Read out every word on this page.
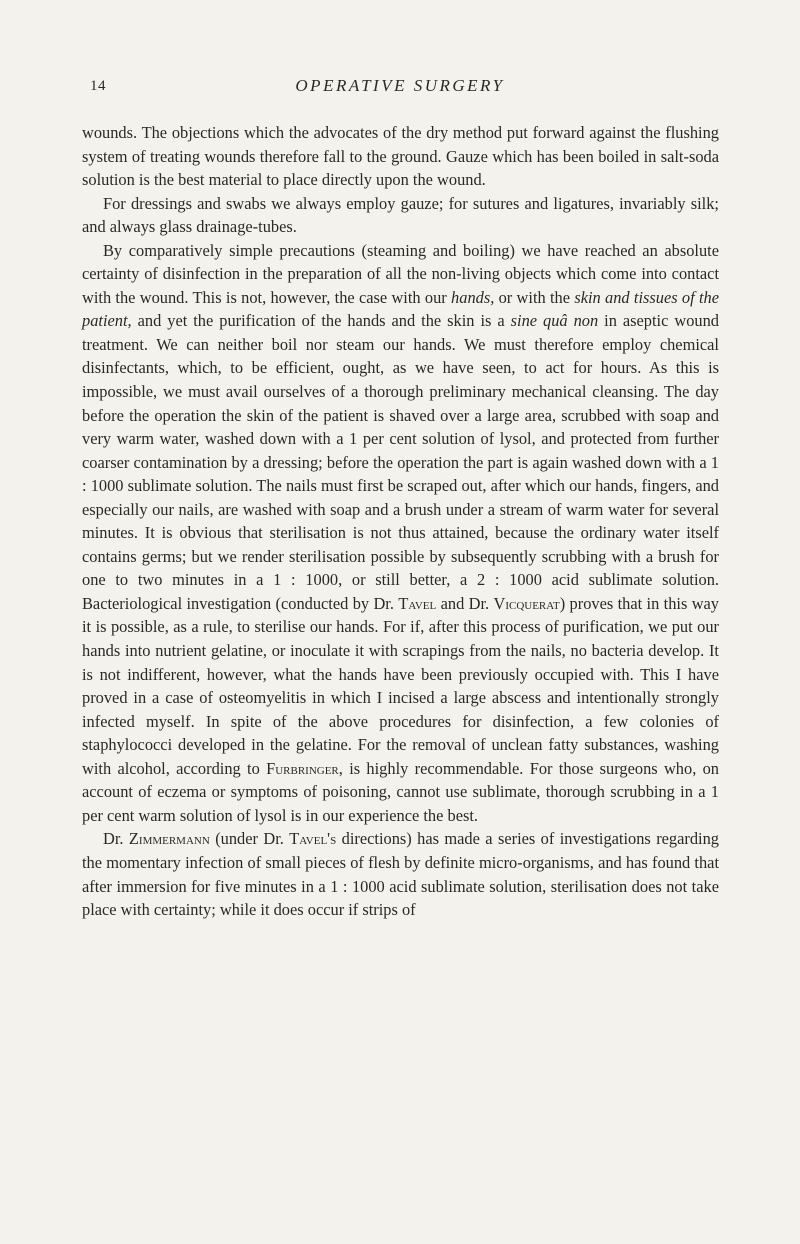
14	OPERATIVE SURGERY

wounds. The objections which the advocates of the dry method put forward against the flushing system of treating wounds therefore fall to the ground. Gauze which has been boiled in salt-soda solution is the best material to place directly upon the wound.

For dressings and swabs we always employ gauze; for sutures and ligatures, invariably silk; and always glass drainage-tubes.

By comparatively simple precautions (steaming and boiling) we have reached an absolute certainty of disinfection in the preparation of all the non-living objects which come into contact with the wound. This is not, however, the case with our hands, or with the skin and tissues of the patient, and yet the purification of the hands and the skin is a sine quâ non in aseptic wound treatment. We can neither boil nor steam our hands. We must therefore employ chemical disinfectants, which, to be efficient, ought, as we have seen, to act for hours. As this is impossible, we must avail ourselves of a thorough preliminary mechanical cleansing. The day before the operation the skin of the patient is shaved over a large area, scrubbed with soap and very warm water, washed down with a 1 per cent solution of lysol, and protected from further coarser contamination by a dressing; before the operation the part is again washed down with a 1 : 1000 sublimate solution. The nails must first be scraped out, after which our hands, fingers, and especially our nails, are washed with soap and a brush under a stream of warm water for several minutes. It is obvious that sterilisation is not thus attained, because the ordinary water itself contains germs; but we render sterilisation possible by subsequently scrubbing with a brush for one to two minutes in a 1 : 1000, or still better, a 2 : 1000 acid sublimate solution. Bacteriological investigation (conducted by Dr. Tavel and Dr. Vicquerat) proves that in this way it is possible, as a rule, to sterilise our hands. For if, after this process of purification, we put our hands into nutrient gelatine, or inoculate it with scrapings from the nails, no bacteria develop. It is not indifferent, however, what the hands have been previously occupied with. This I have proved in a case of osteomyelitis in which I incised a large abscess and intentionally strongly infected myself. In spite of the above procedures for disinfection, a few colonies of staphylococci developed in the gelatine. For the removal of unclean fatty substances, washing with alcohol, according to Furbringer, is highly recommendable. For those surgeons who, on account of eczema or symptoms of poisoning, cannot use sublimate, thorough scrubbing in a 1 per cent warm solution of lysol is in our experience the best.

Dr. Zimmermann (under Dr. Tavel's directions) has made a series of investigations regarding the momentary infection of small pieces of flesh by definite micro-organisms, and has found that after immersion for five minutes in a 1 : 1000 acid sublimate solution, sterilisation does not take place with certainty; while it does occur if strips of
